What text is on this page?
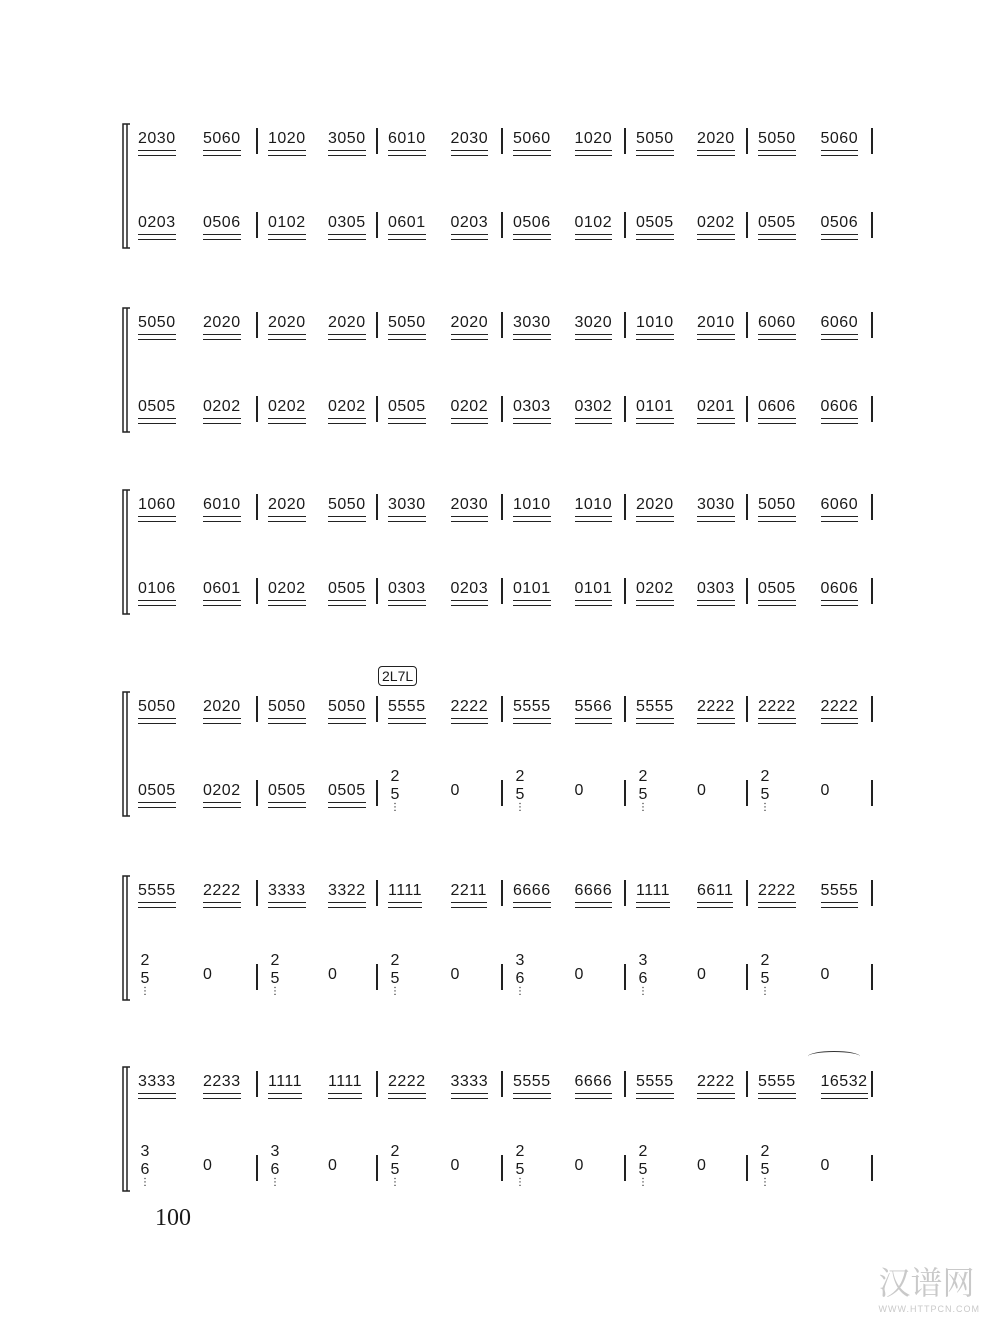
2030 5060 1020 3050 6010 2030 5060 1020 5050 2020 5050 5060
0203 0506 0102 0305 0601 0203 0506 0102 0505 0202 0505 0506
5050 2020 2020 2020 5050 2020 3030 3020 1010 2010 6060 6060
0505 0202 0202 0202 0505 0202 0303 0302 0101 0201 0606 0606
1060 6010 2020 5050 3030 2030 1010 1010 2020 3030 5050 6060
0106 0601 0202 0505 0303 0203 0101 0101 0202 0303 0505 0606
2L7L
5050 2020 5050 5050 5555 2222 5555 5566 5555 2222 2222 2222
0505 0202 0505 0505
2
5
⋮
0
2
5
⋮
0
2
5
⋮
0
2
5
⋮
0
5555 2222 3333 3322 1111 2211 6666 6666 1111 6611 2222 5555
2
5
⋮
0
2
5
⋮
0
2
5
⋮
0
3
6
⋮
0
3
6
⋮
0
2
5
⋮
0
3333 2233 1111 1111 2222 3333 5555 6666 5555 2222 5555 16532
3
6
⋮
0
3
6
⋮
0
2
5
⋮
0
2
5
⋮
0
2
5
⋮
0
2
5
⋮
0
100
汉谱网
WWW.HTTPCN.COM
